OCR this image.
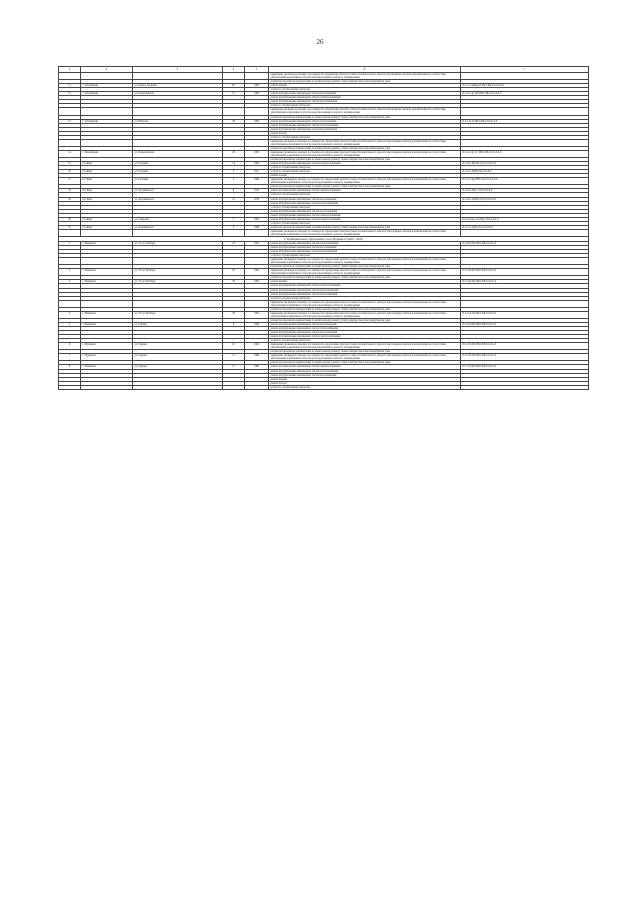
26
1	2	3	4	5	6	7
					приведение проектов на предмет достоверности определения сметной стоимости капитального ремонта при проверке сметной документации на соответствие действующим нормативам в области ценообразования в сметного нормирования	
					разработка проектной документации по капитальному ремонту общего имущества в многоквартирном доме	
11	г. Заполярный	ул. Бориса Гагарина	65	1990	ремонт крыши	П-5-1-СЗаиБорО-НЗ-СКБ-0-0-0-0-0-0
					услуги по строительному контролю	
12	г. Заполярный	ул. Первомайская	27	1980	ремонт внутридомовых инженерных систем водоотведения	К-5-4-Сд(с)-Н-ПП-СДБ-0-0-0-0-0-0
					ремонт внутридомовых инженерных систем электроснабжения	
					ремонт внутридомовых инженерных систем водоснабжения	
					услуги по строительному контролю	
					приведение проверка на предмет достоверности определения сметной стоимости капитального ремонта при проверке сметной документации на соответствие действующим нормативам в области ценообразования в сметного нормирования	
					разработка проектной документации по капитальному ремонту общего имущества в многоквартирном доме	
13	г. Заполярный	ул. Шахтная	39	1990	ремонт внутридомовых инженерных систем водоотведения	Б-5-4-П-О-ПП-СКБ-0-0-0-0-0-0
					ремонт внутридомовых инженерных систем теплоснабжения	
					ремонт внутридомовых инженерных систем водоснабжения	
					ремонт фасада	
					услуги по строительному контролю	
					приведение проверки на предмет достоверности определения сметной стоимости капитального ремонта при проверке сметной документации на соответствие действующим нормативам в области ценообразования в сметного нормирования	
					разработка проектной документации по капитальному ремонту общего имущества в многоквартирном доме	
14	г. Заполярный	ул. Первомайская	29	1985	приведение проверки на предмет достоверности определения сметной стоимости капитального ремонта при проверке сметной документации на соответствие действующим нормативам в области ценообразования в сметного нормирования	К-5-4-Сд(с)-С-ПП-СКБ-9-0-0-0-0-0
					разработка проектной документации по капитальному ремонту общего имущества в многоквартирном доме	
15	пгт Кирс	ул. Гагарина	7 А	1990	ремонт внутридомовых инженерных систем электроснабжения	К-5-3-С-БП-Щ-СД-0-0-0-0-0-0
					услуги по строительному контролю	
16	пгт Кирс	ул. Гагарина	5	1971	услуги по строительному контролю	К-5-2-С-Щ-ВСД-0-0-0-0-0
					ремонт крыши	
17	пгт Кирс	ул. Гагарина	5	1966	приведение проверки на предмет достоверности определения сметной стоимости капитального ремонта при проверке сметной документации на соответствие действующим нормативам в области ценообразования в сметного нормирования	К-5-3-Сд(в)-НП-СП-0-0-0-0-0-0
					разработка проектной документации по капитальному ремонту общего имущества в многоквартирном доме	
18	пгт Кирс	ул. Дзержинского	6	1970	ремонт внутридомовых инженерных систем электроснабжения	К-3-2-С-Щ-С-3-0-0-0-0-0-0
					услуги по строительному контролю	
19	пгт Кирс	ул. Дзержинского	12	1970	ремонт внутридомовых инженерных систем водоотведения	К-5-4-С-Щ-ВД-СД-0-0-0-0-0-0
					ремонт внутридомовых инженерных систем теплоснабжения	
					услуги по строительному контролю	
					ремонт внутридомовых инженерных систем водоснабжения	
					ремонт внутридомовых инженерных систем электроснабжения	
20	пгт Кирс	ул. Северная	7	1967	ремонт внутридомовых инженерных систем электроснабжения	П-5-4-Сбк-о-О-ПД-СЛ-0-0-0-0-0
					услуги по строительному контролю	
21	пгт Кирс	ул. Дзержинского	5	1968	разработка проектной документации по капитальному ремонту общего имущества в многоквартирном доме	К-5-1-С-Щ-П-Л-0-0-0-0-0-0
					приведение проверки на предмет достоверности определения сметной стоимости капитального ремонта при проверке сметной документации на соответствие действующим нормативам в области ценообразования в сметного нормирования	
3. Муниципальное образование город Мурманск (2020 - 2022)						
1	г. Мурманск	ул. 70 лет Октября	16	1991	ремонт внутридомовых инженерных систем теплоснабжения	П-5-8-П-Щ-ПП-СКБ-0-0-0-0-0
					ремонт внутридомовых инженерных систем водоотведения	
					ремонт внутридомовых инженерных систем водоснабжения	
					услуги по строительному контролю	
					приведение проверки на предмет достоверности определения сметной стоимости капитального ремонта при проверке сметной документации на соответствие действующим нормативам в области ценообразования в сметного нормирования	
					разработка проектной документации по капитальному ремонту общего имущества в многоквартирном доме	
2	г. Мурманск	ул. 70 лет Октября	18	1992	приведение проверки на предмет достоверности определения сметной стоимости капитального ремонта при проверке сметной документации на соответствие действующим нормативам в области ценообразования в сметного нормирования	П-5-4-П-Щ-ПП-СКБ-0-0-0-0-0
					разработка проектной документации по капитальному ремонту общего имущества в многоквартирном доме	
3	г. Мурманск	ул. 70 лет Октября	20	1992	ремонт крыши	П-5-4-П-Щ-ПП-СКБ-0-0-0-0-0
					ремонт внутридомовых инженерных систем электроснабжения	
					ремонт внутридомовых инженерных систем теплоснабжения	
					ремонт внутридомовых инженерных систем водоснабжения	
					услуги по строительному контролю	
					приведение проверки на предмет достоверности определения сметной стоимости капитального ремонта при проверке сметной документации на соответствие действующим нормативам в области ценообразования в сметного нормирования	
					разработка проектной документации по капитальному ремонту общего имущества в многоквартирном доме	
4	г. Мурманск	ул. 70 лет Октября	39	1991	приведение проверки на предмет достоверности определения сметной стоимости капитального ремонта при проверке сметной документации на соответствие действующим нормативам в области ценообразования в сметного нормирования	П-5-3-Д-Щ-ПП-СКБ-0-0-0-0-0
					разработка проектной документации по капитальному ремонту общего имущества в многоквартирном доме	
5	г. Мурманск	ул. Гудкова	6	1994	ремонт внутридомовых инженерных систем водоотведения	П-5-4-П-Щ-ПП-СКБ-0-0-0-0-0
					ремонт внутридомовых инженерных систем теплоснабжения	
					ремонт внутридомовых инженерных систем водоснабжения	
					ремонт внутридомовых инженерных систем электроснабжения	
					услуги по строительному контролю	
6	г. Мурманск	ул. Гудкова	10	1994	приведение проверки на предмет достоверности определения сметной стоимости капитального ремонта при проверке сметной документации на соответствие действующим нормативам в области ценообразования в сметного нормирования	П-5-3-П-Щ-ПП-СКБ-0-0-0-0-0
					разработка проектной документации по капитальному ремонту общего имущества в многоквартирном доме	
7	г. Мурманск	ул. Гудкова	15	1989	приведение проверки на предмет достоверности определения сметной стоимости капитального ремонта при проверке сметной документации на соответствие действующим нормативам в области ценообразования в сметного нормирования	П-5-3-П-Щ-ПП-СКБ-0-0-0-0-0
					разработка проектной документации по капитальному ремонту общего имущества в многоквартирном доме	
8	г. Мурманск	ул. Гудкова	17	1989	ремонт внутридомовых инженерных систем электроснабжения	П-5-3-П-Щ-ПП-СКБ-0-0-0-0-0
					ремонт внутридомовых инженерных систем теплоснабжения	
					ремонт внутридомовых инженерных систем водоотведения	
					ремонт крыши	
					ремонт фасада	
					услуги по строительному контролю	
